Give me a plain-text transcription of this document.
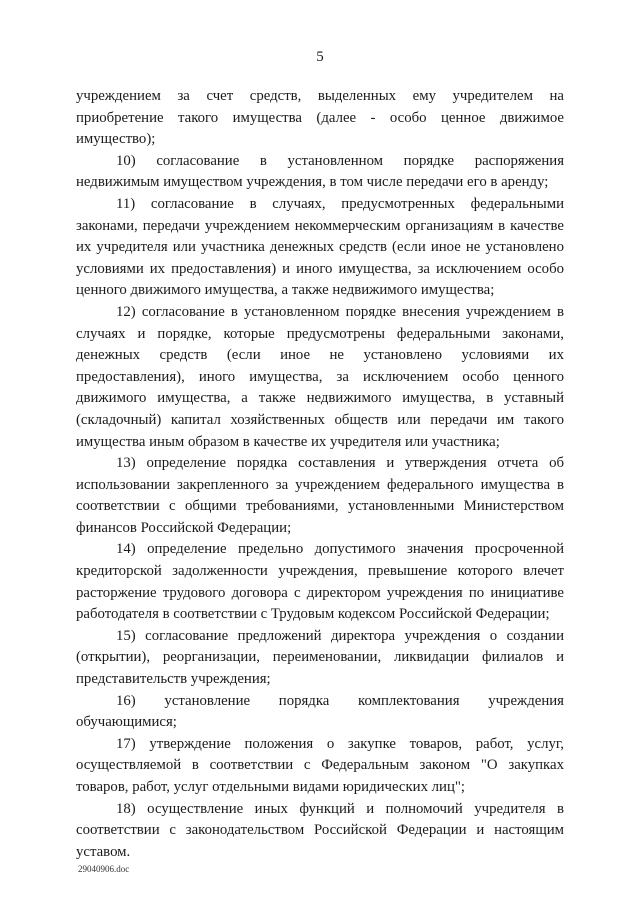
5

учреждением за счет средств, выделенных ему учредителем на приобретение такого имущества (далее - особо ценное движимое имущество);

10) согласование в установленном порядке распоряжения недвижимым имуществом учреждения, в том числе передачи его в аренду;

11) согласование в случаях, предусмотренных федеральными законами, передачи учреждением некоммерческим организациям в качестве их учредителя или участника денежных средств (если иное не установлено условиями их предоставления) и иного имущества, за исключением особо ценного движимого имущества, а также недвижимого имущества;

12) согласование в установленном порядке внесения учреждением в случаях и порядке, которые предусмотрены федеральными законами, денежных средств (если иное не установлено условиями их предоставления), иного имущества, за исключением особо ценного движимого имущества, а также недвижимого имущества, в уставный (складочный) капитал хозяйственных обществ или передачи им такого имущества иным образом в качестве их учредителя или участника;

13) определение порядка составления и утверждения отчета об использовании закрепленного за учреждением федерального имущества в соответствии с общими требованиями, установленными Министерством финансов Российской Федерации;

14) определение предельно допустимого значения просроченной кредиторской задолженности учреждения, превышение которого влечет расторжение трудового договора с директором учреждения по инициативе работодателя в соответствии с Трудовым кодексом Российской Федерации;

15) согласование предложений директора учреждения о создании (открытии), реорганизации, переименовании, ликвидации филиалов и представительств учреждения;

16) установление порядка комплектования учреждения обучающимися;

17) утверждение положения о закупке товаров, работ, услуг, осуществляемой в соответствии с Федеральным законом "О закупках товаров, работ, услуг отдельными видами юридических лиц";

18) осуществление иных функций и полномочий учредителя в соответствии с законодательством Российской Федерации и настоящим уставом.

29040906.doc
